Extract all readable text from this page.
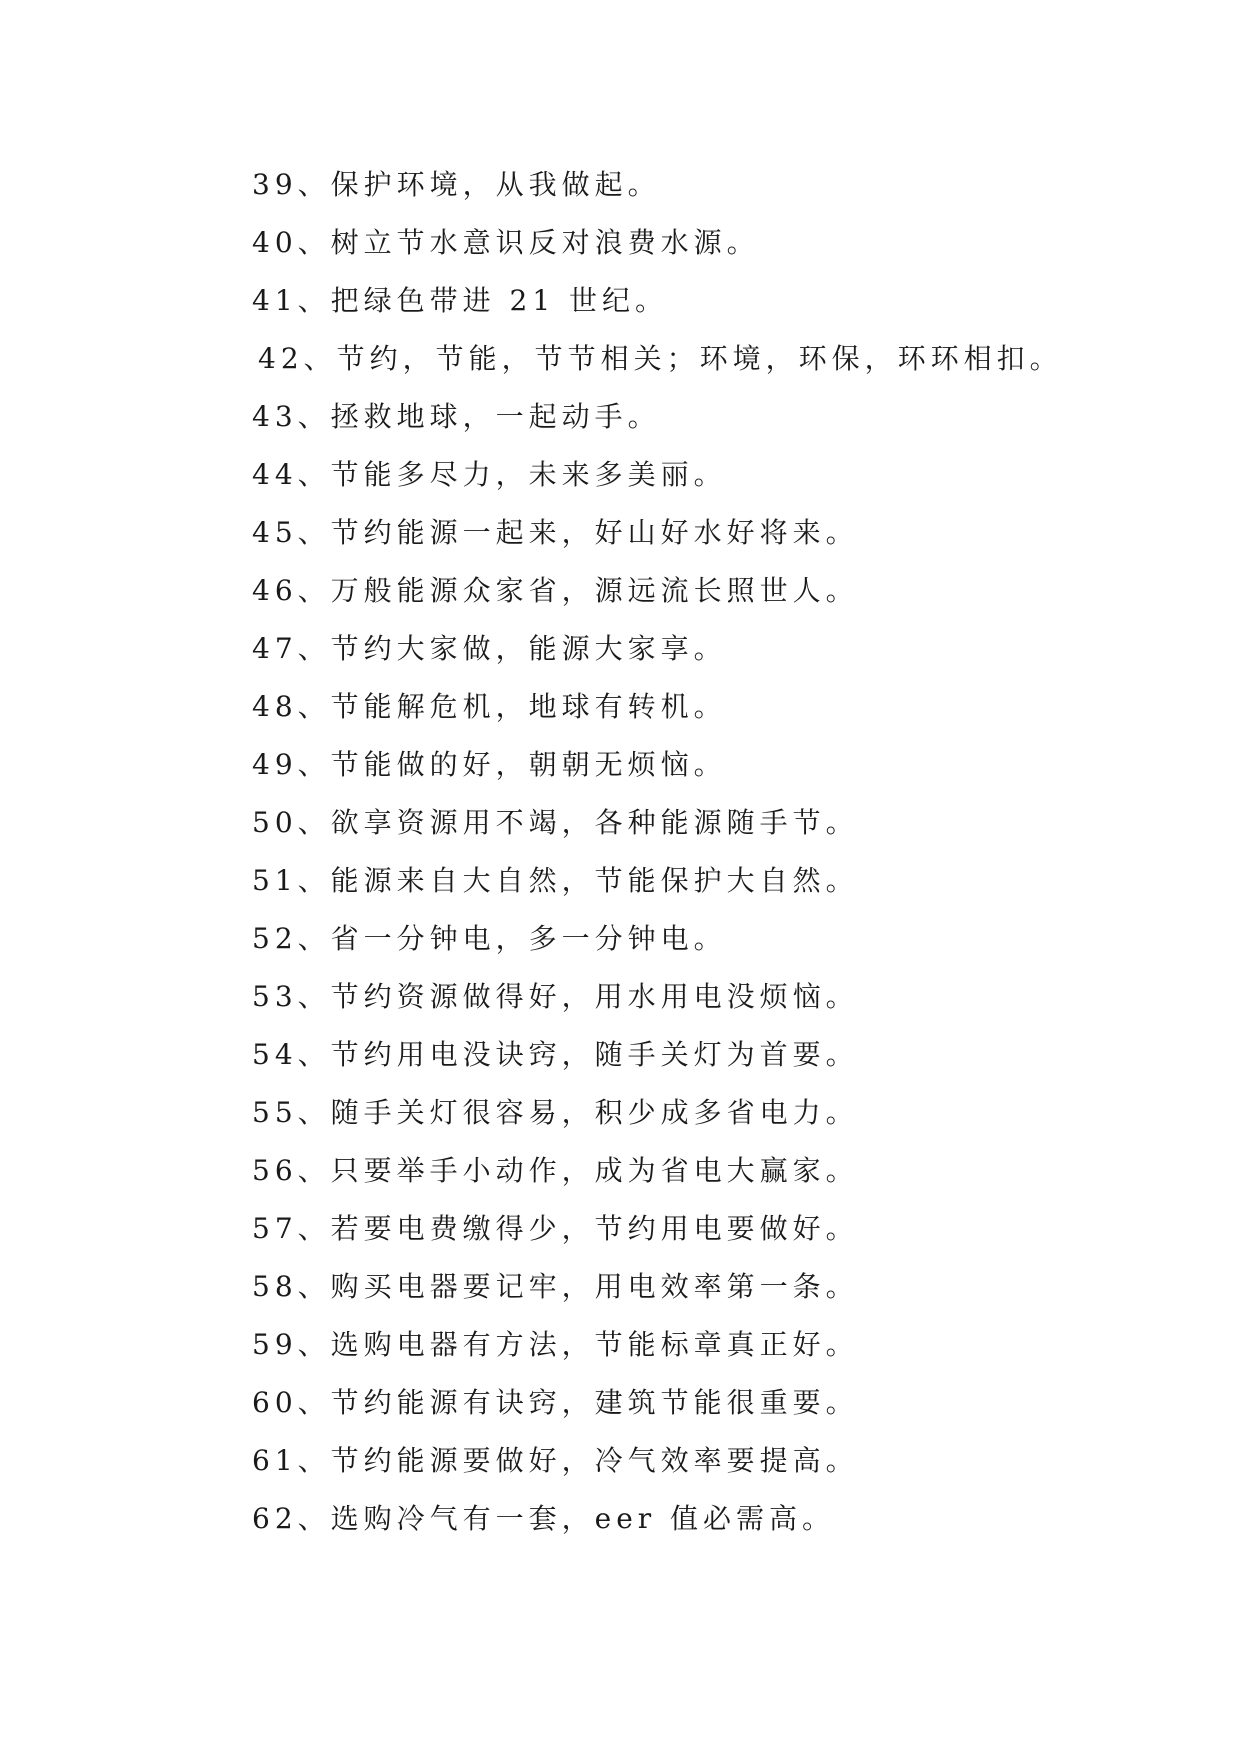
39、保护环境，从我做起。
40、树立节水意识反对浪费水源。
41、把绿色带进 21 世纪。
42、节约，节能，节节相关；环境，环保，环环相扣。
43、拯救地球，一起动手。
44、节能多尽力，未来多美丽。
45、节约能源一起来，好山好水好将来。
46、万般能源众家省，源远流长照世人。
47、节约大家做，能源大家享。
48、节能解危机，地球有转机。
49、节能做的好，朝朝无烦恼。
50、欲享资源用不竭，各种能源随手节。
51、能源来自大自然，节能保护大自然。
52、省一分钟电，多一分钟电。
53、节约资源做得好，用水用电没烦恼。
54、节约用电没诀窍，随手关灯为首要。
55、随手关灯很容易，积少成多省电力。
56、只要举手小动作，成为省电大赢家。
57、若要电费缴得少，节约用电要做好。
58、购买电器要记牢，用电效率第一条。
59、选购电器有方法，节能标章真正好。
60、节约能源有诀窍，建筑节能很重要。
61、节约能源要做好，冷气效率要提高。
62、选购冷气有一套，eer 值必需高。
